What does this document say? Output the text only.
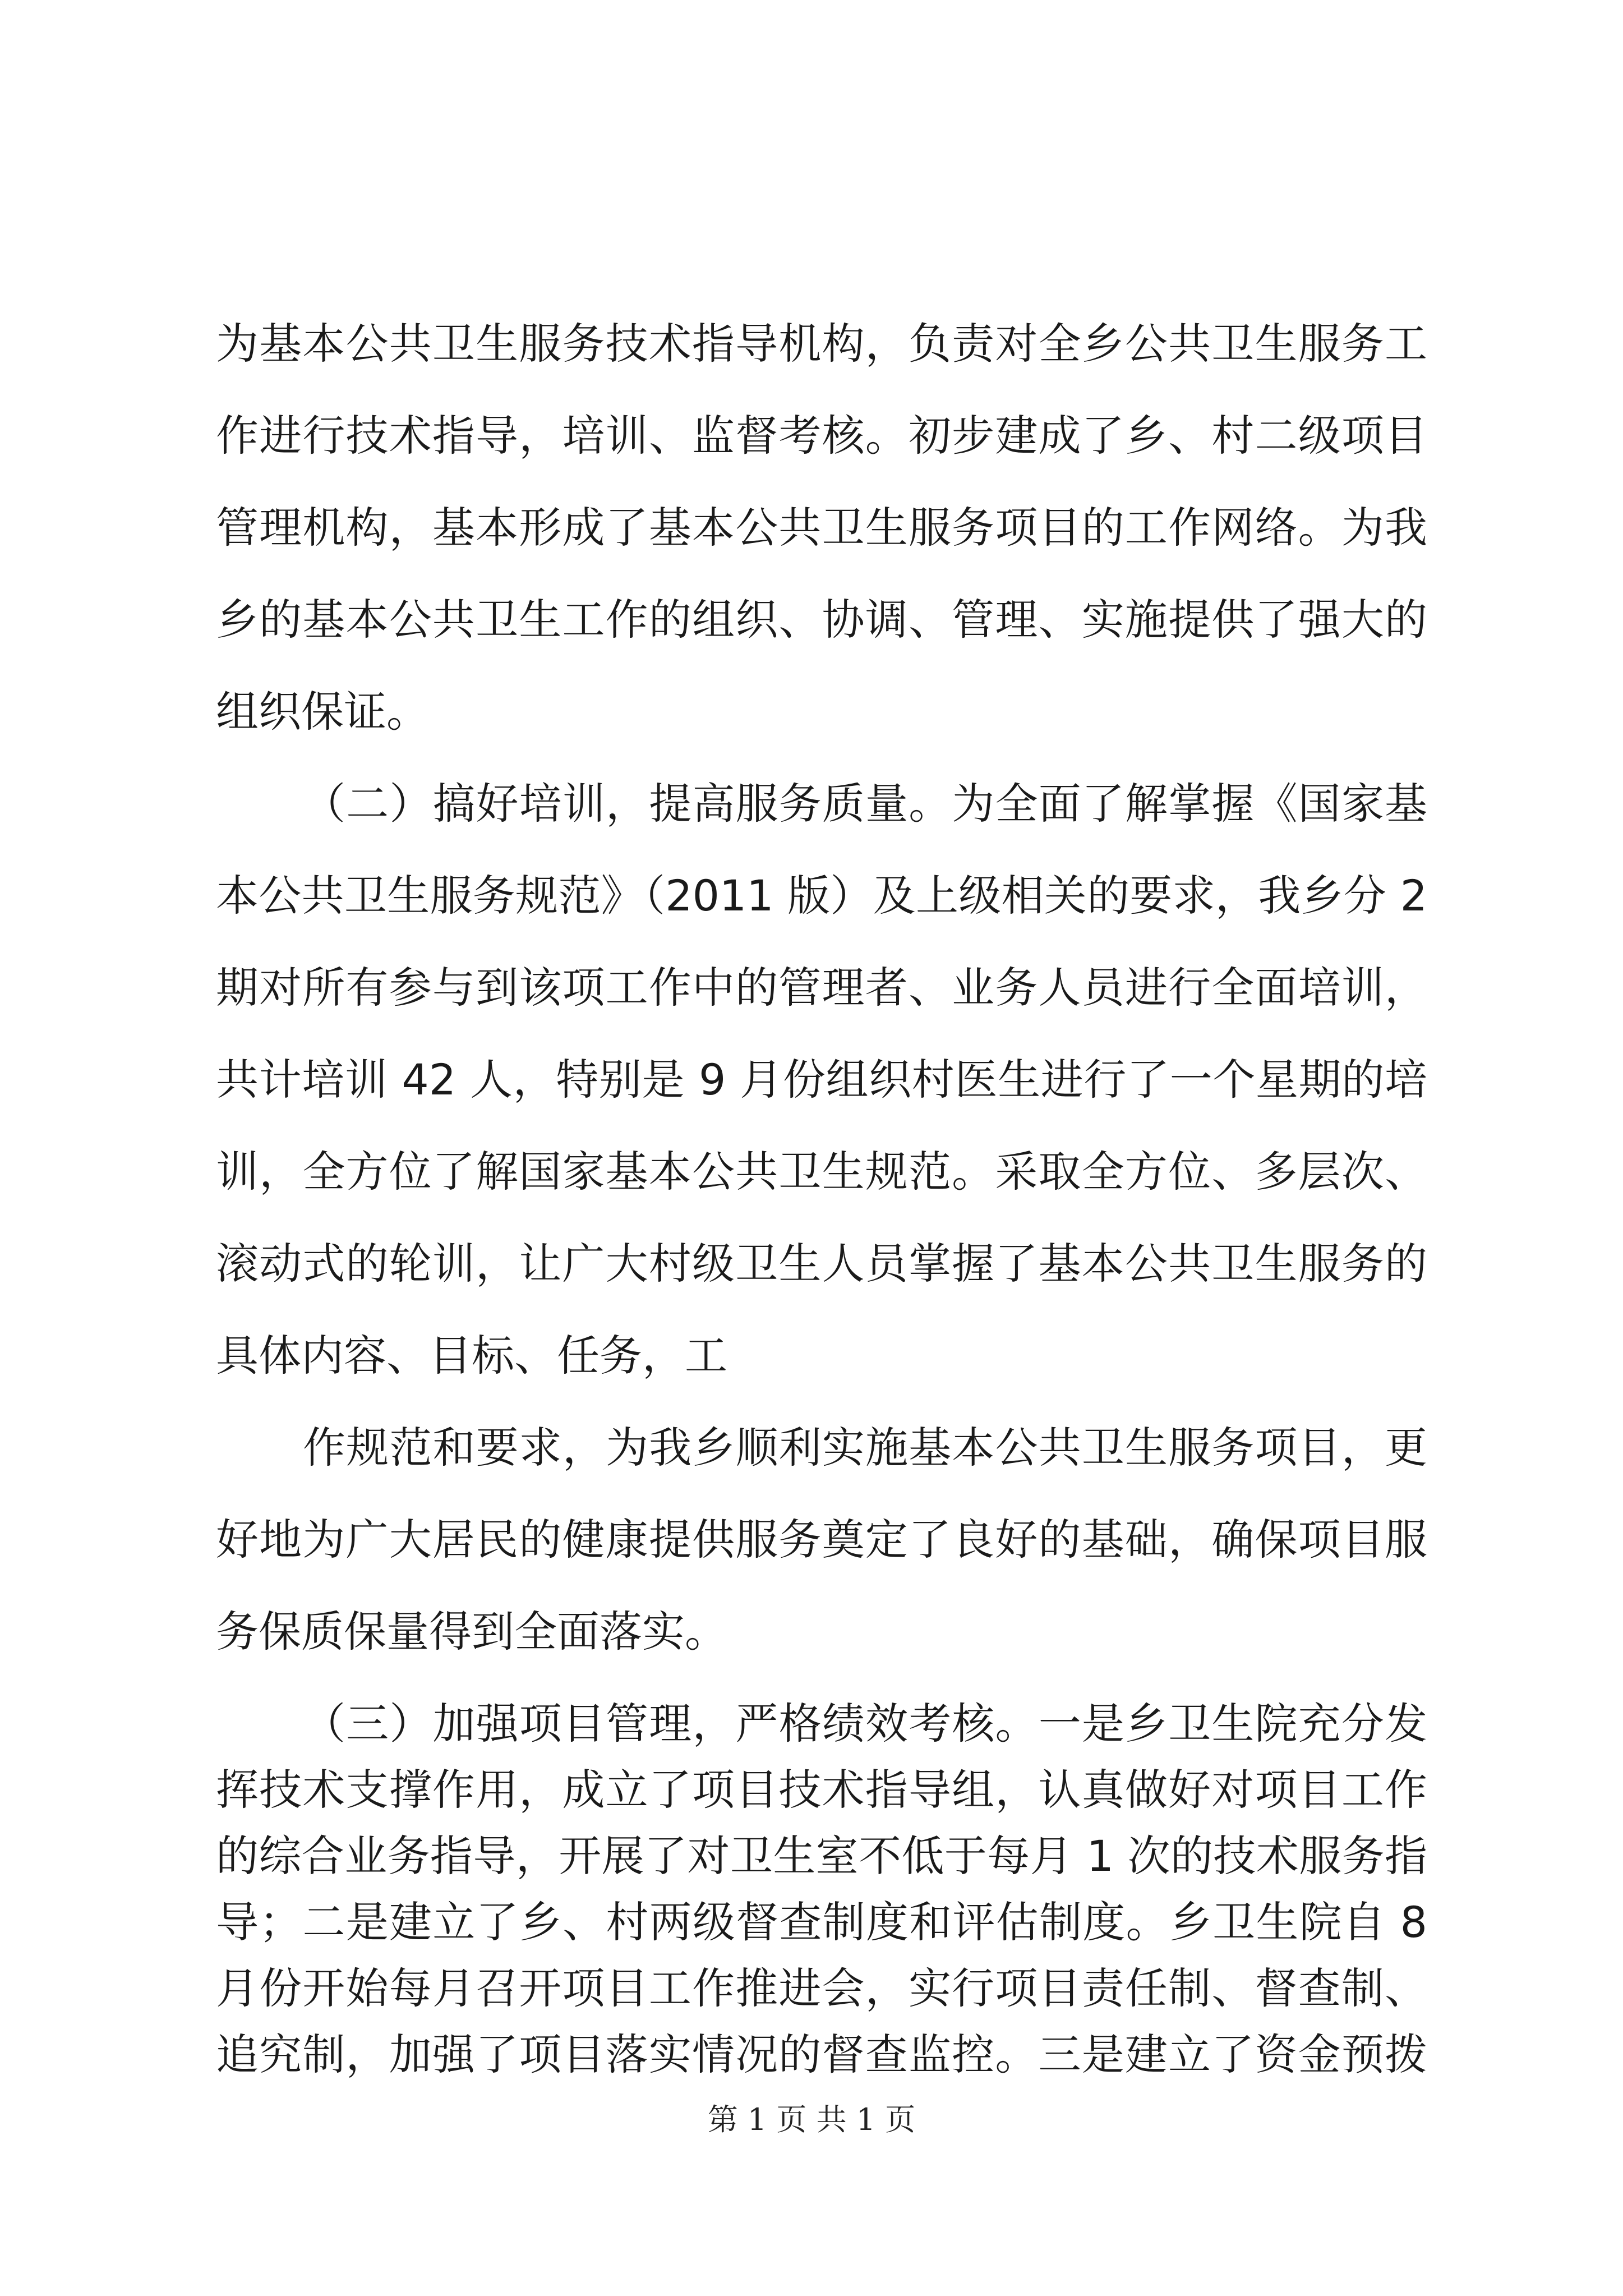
为基本公共卫生服务技术指导机构，负责对全乡公共卫生服务工
作进行技术指导，培训、监督考核。初步建成了乡、村二级项目
管理机构，基本形成了基本公共卫生服务项目的工作网络。为我
乡的基本公共卫生工作的组织、协调、管理、实施提供了强大的
组织保证。
（二）搞好培训，提高服务质量。为全面了解掌握《国家基
本公共卫生服务规范》（2011 版）及上级相关的要求，我乡分 2
期对所有参与到该项工作中的管理者、业务人员进行全面培训，
共计培训 42 人，特别是 9 月份组织村医生进行了一个星期的培
训，全方位了解国家基本公共卫生规范。采取全方位、多层次、
滚动式的轮训，让广大村级卫生人员掌握了基本公共卫生服务的
具体内容、目标、任务，工
作规范和要求，为我乡顺利实施基本公共卫生服务项目，更
好地为广大居民的健康提供服务奠定了良好的基础，确保项目服
务保质保量得到全面落实。
（三）加强项目管理，严格绩效考核。一是乡卫生院充分发
挥技术支撑作用，成立了项目技术指导组，认真做好对项目工作
的综合业务指导，开展了对卫生室不低于每月 1 次的技术服务指
导；二是建立了乡、村两级督查制度和评估制度。乡卫生院自 8
第 1 页 共 1 页
月份开始每月召开项目工作推进会，实行项目责任制、督查制、
追究制，加强了项目落实情况的督查监控。三是建立了资金预拨
